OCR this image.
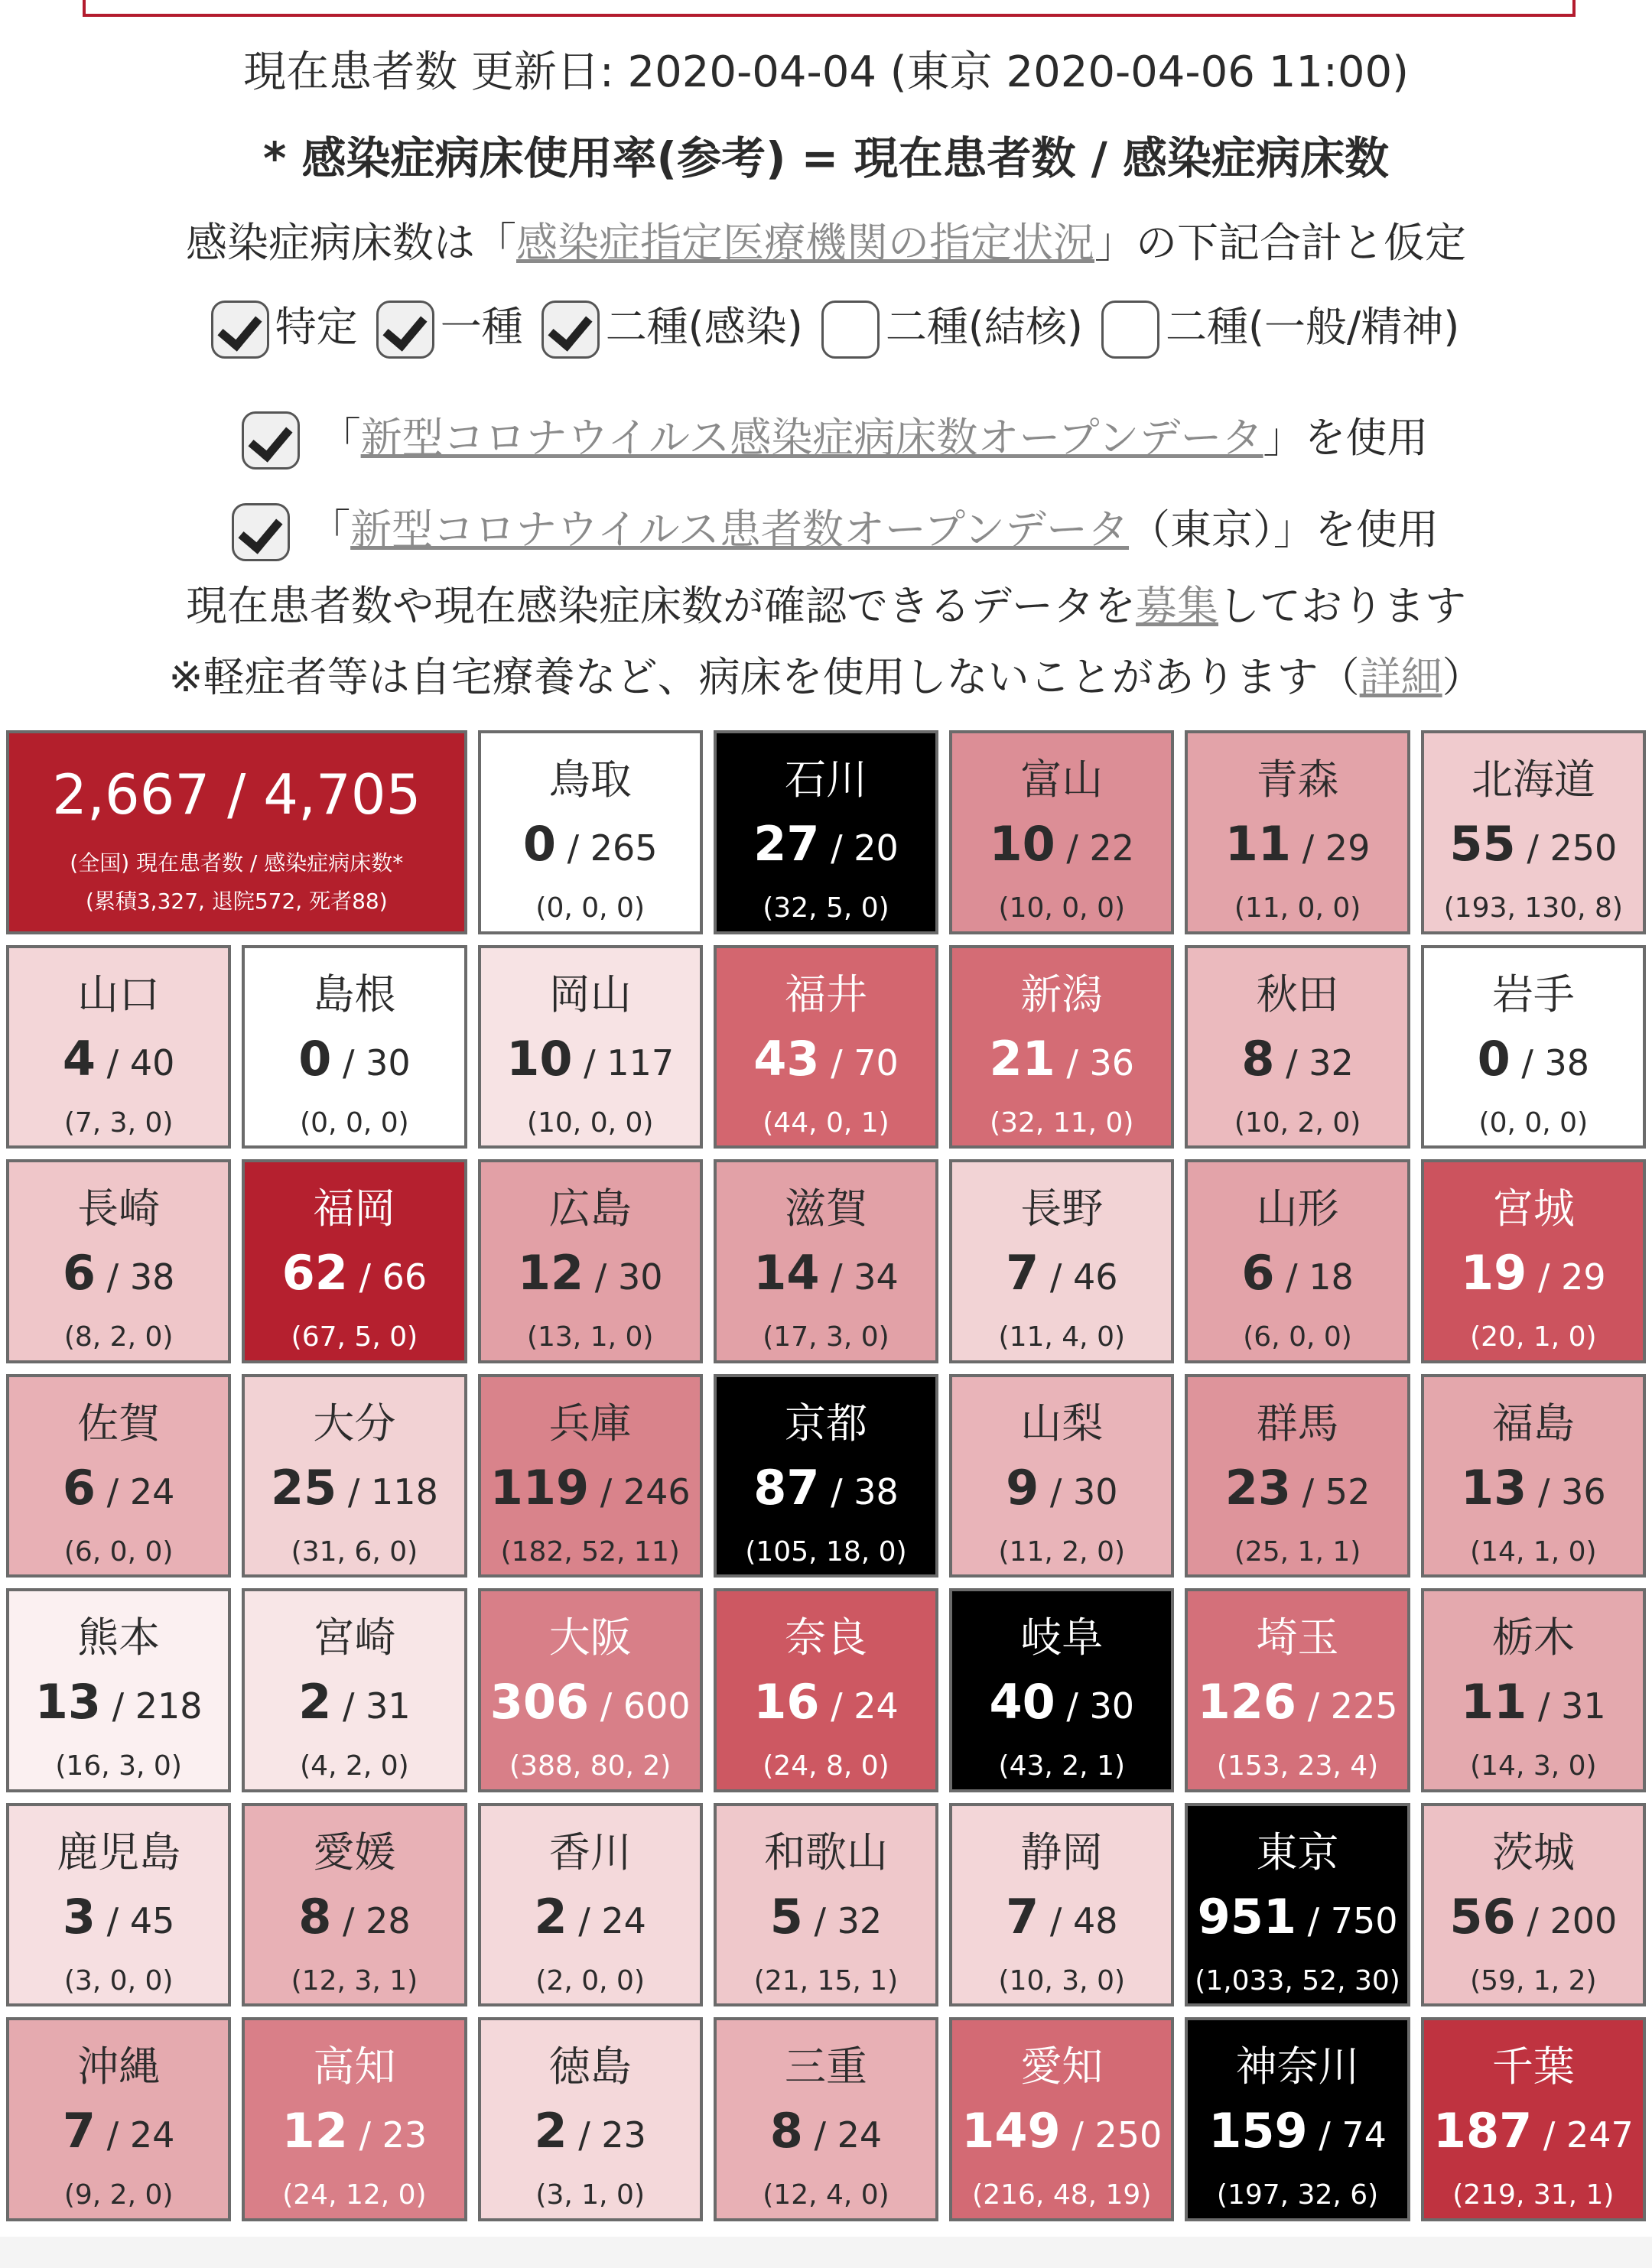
現在患者数 更新日: 2020-04-04 (東京 2020-04-06 11:00)
* 感染症病床使用率(参考) = 現在患者数 / 感染症病床数
感染症病床数は「感染症指定医療機関の指定状況」の下記合計と仮定
特定 一種 二種(感染) 二種(結核) 二種(一般/精神)
「新型コロナウイルス感染症病床数オープンデータ」を使用
「新型コロナウイルス患者数オープンデータ（東京）」を使用
現在患者数や現在感染症床数が確認できるデータを募集しております
※軽症者等は自宅療養など、病床を使用しないことがあります（詳細）
2,667 / 4,705
(全国) 現在患者数 / 感染症病床数*
(累積3,327, 退院572, 死者88)
鳥取
0 / 265
(0, 0, 0)
石川
27 / 20
(32, 5, 0)
富山
10 / 22
(10, 0, 0)
青森
11 / 29
(11, 0, 0)
北海道
55 / 250
(193, 130, 8)
山口
4 / 40
(7, 3, 0)
島根
0 / 30
(0, 0, 0)
岡山
10 / 117
(10, 0, 0)
福井
43 / 70
(44, 0, 1)
新潟
21 / 36
(32, 11, 0)
秋田
8 / 32
(10, 2, 0)
岩手
0 / 38
(0, 0, 0)
長崎
6 / 38
(8, 2, 0)
福岡
62 / 66
(67, 5, 0)
広島
12 / 30
(13, 1, 0)
滋賀
14 / 34
(17, 3, 0)
長野
7 / 46
(11, 4, 0)
山形
6 / 18
(6, 0, 0)
宮城
19 / 29
(20, 1, 0)
佐賀
6 / 24
(6, 0, 0)
大分
25 / 118
(31, 6, 0)
兵庫
119 / 246
(182, 52, 11)
京都
87 / 38
(105, 18, 0)
山梨
9 / 30
(11, 2, 0)
群馬
23 / 52
(25, 1, 1)
福島
13 / 36
(14, 1, 0)
熊本
13 / 218
(16, 3, 0)
宮崎
2 / 31
(4, 2, 0)
大阪
306 / 600
(388, 80, 2)
奈良
16 / 24
(24, 8, 0)
岐阜
40 / 30
(43, 2, 1)
埼玉
126 / 225
(153, 23, 4)
栃木
11 / 31
(14, 3, 0)
鹿児島
3 / 45
(3, 0, 0)
愛媛
8 / 28
(12, 3, 1)
香川
2 / 24
(2, 0, 0)
和歌山
5 / 32
(21, 15, 1)
静岡
7 / 48
(10, 3, 0)
東京
951 / 750
(1,033, 52, 30)
茨城
56 / 200
(59, 1, 2)
沖縄
7 / 24
(9, 2, 0)
高知
12 / 23
(24, 12, 0)
徳島
2 / 23
(3, 1, 0)
三重
8 / 24
(12, 4, 0)
愛知
149 / 250
(216, 48, 19)
神奈川
159 / 74
(197, 32, 6)
千葉
187 / 247
(219, 31, 1)
